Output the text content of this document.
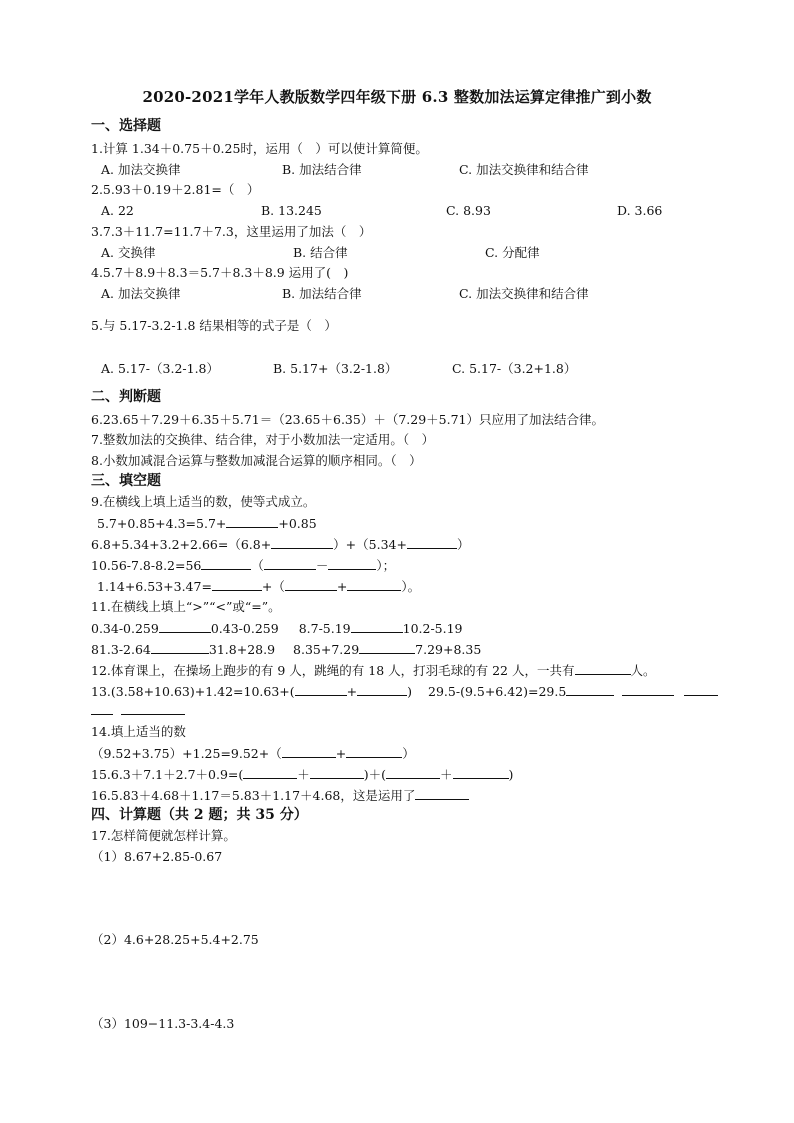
2020-2021学年人教版数学四年级下册 6.3 整数加法运算定律推广到小数
一、选择题
1.计算 1.34＋0.75＋0.25时，运用（　）可以使计算简便。
A. 加法交换律	B. 加法结合律	C. 加法交换律和结合律
2.5.93＋0.19＋2.81=（　）
A. 22	B. 13.245	C. 8.93	D. 3.66
3.7.3＋11.7=11.7＋7.3，这里运用了加法（　）
A. 交换律	B. 结合律	C. 分配律
4.5.7＋8.9＋8.3＝5.7＋8.3＋8.9 运用了(　)
A. 加法交换律	B. 加法结合律	C. 加法交换律和结合律
5.与 5.17-3.2-1.8 结果相等的式子是（　）
A. 5.17-（3.2-1.8）	B. 5.17+（3.2-1.8）	C. 5.17-（3.2+1.8）
二、判断题
6.23.65＋7.29＋6.35＋5.71＝（23.65＋6.35）＋（7.29＋5.71）只应用了加法结合律。
7.整数加法的交换律、结合律，对于小数加法一定适用。（　）
8.小数加减混合运算与整数加减混合运算的顺序相同。（　）
三、填空题
9.在横线上填上适当的数，使等式成立。
5.7+0.85+4.3=5.7+	+0.85
6.8+5.34+3.2+2.66=（6.8+	）+（5.34+	）
10.56-7.8-8.2=56	（	－	）；
1.14+6.53+3.47=	+（	+	）。
11.在横线上填上“>”“<”或“=”。
0.34-0.259	0.43-0.259 8.7-5.19	10.2-5.19
81.3-2.64	31.8+28.9 8.35+7.29	7.29+8.35
12.体育课上，在操场上跑步的有 9 人，跳绳的有 18 人，打羽毛球的有 22 人，一共有	人。
13.(3.58+10.63)+1.42=10.63+(	+	) 29.5-(9.5+6.42)=29.5
14.填上适当的数
（9.52+3.75）+1.25=9.52+（	+	）
15.6.3＋7.1＋2.7＋0.9=(	＋	)＋(	＋	)
16.5.83＋4.68＋1.17＝5.83＋1.17＋4.68，这是运用了
四、计算题（共 2 题；共 35 分）
17.怎样简便就怎样计算。
（1）8.67+2.85-0.67
（2）4.6+28.25+5.4+2.75
（3）109−11.3-3.4-4.3
